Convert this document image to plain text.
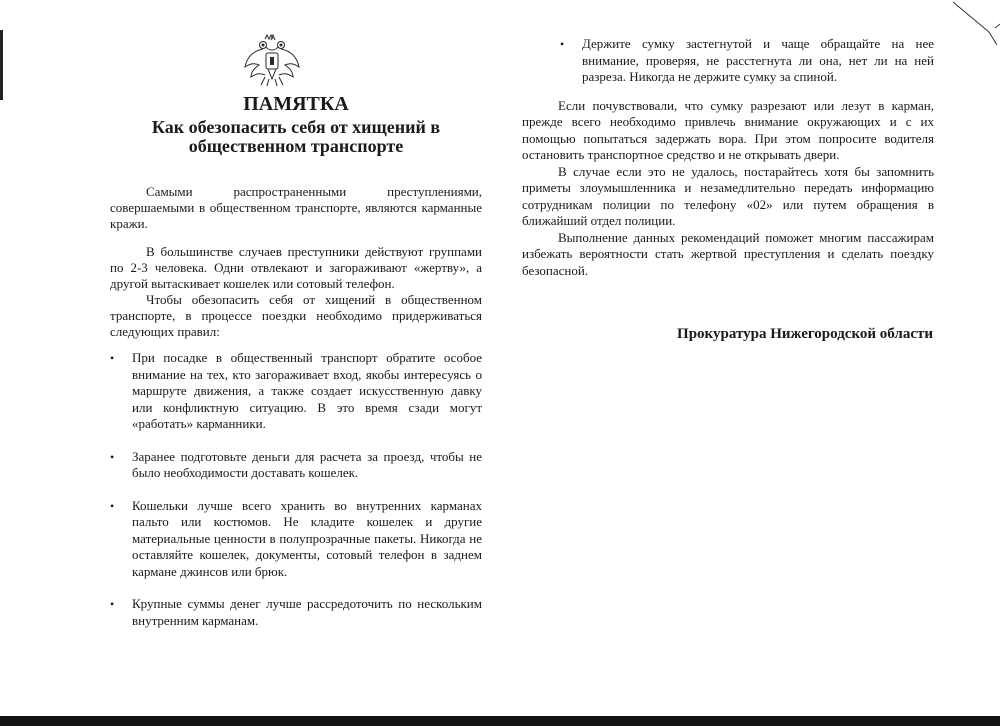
ПАМЯТКА
Как обезопасить себя от хищений в
общественном транспорте

Самыми распространенными преступлениями, совершаемыми в общественном транспорте, являются карманные кражи.

В большинстве случаев преступники действуют группами по 2-3 человека. Одни отвлекают и загораживают «жертву», а другой вытаскивает кошелек или сотовый телефон.

Чтобы обезопасить себя от хищений в общественном транспорте, в процессе поездки необходимо придерживаться следующих правил:

• При посадке в общественный транспорт обратите особое внимание на тех, кто загораживает вход, якобы интересуясь о маршруте движения, а также создает искусственную давку или конфликтную ситуацию. В это время сзади могут «работать» карманники.
• Заранее подготовьте деньги для расчета за проезд, чтобы не было необходимости доставать кошелек.
• Кошельки лучше всего хранить во внутренних карманах пальто или костюмов. Не кладите кошелек и другие материальные ценности в полупрозрачные пакеты. Никогда не оставляйте кошелек, документы, сотовый телефон в заднем кармане джинсов или брюк.
• Крупные суммы денег лучше рассредоточить по нескольким внутренним карманам.
• Держите сумку застегнутой и чаще обращайте на нее внимание, проверяя, не расстегнута ли она, нет ли на ней разреза. Никогда не держите сумку за спиной.

Если почувствовали, что сумку разрезают или лезут в карман, прежде всего необходимо привлечь внимание окружающих и с их помощью попытаться задержать вора. При этом попросите водителя остановить транспортное средство и не открывать двери.

В случае если это не удалось, постарайтесь хотя бы запомнить приметы злоумышленника и незамедлительно передать информацию сотрудникам полиции по телефону «02» или путем обращения в ближайший отдел полиции.

Выполнение данных рекомендаций поможет многим пассажирам избежать вероятности стать жертвой преступления и сделать поездку безопасной.

Прокуратура Нижегородской области
